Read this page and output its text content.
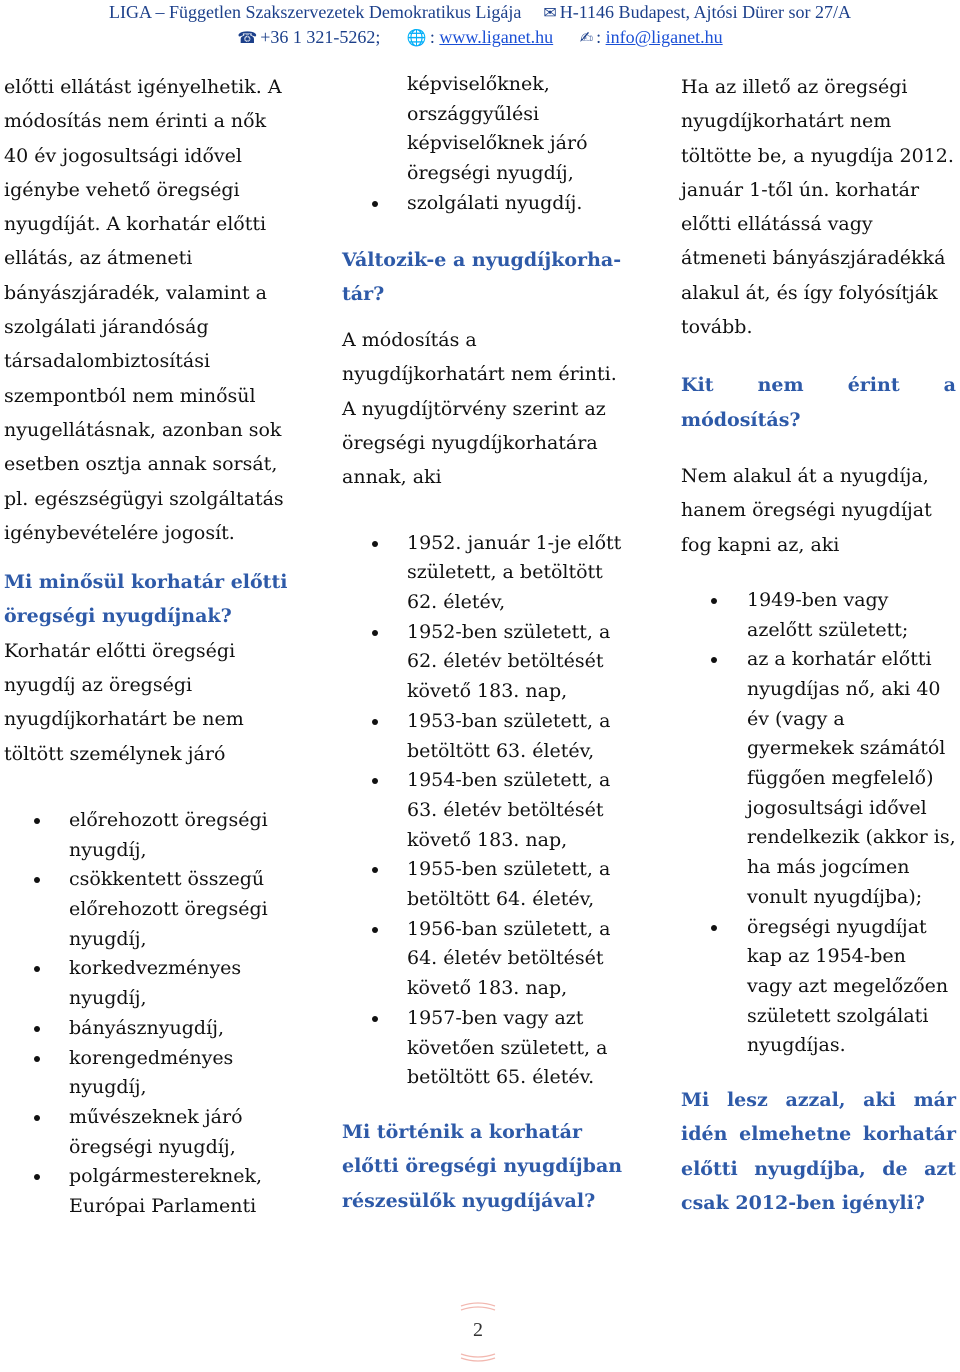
LIGA – Független Szakszervezetek Demokratikus Ligája ✉ H-1146 Budapest, Ajtósi Dürer sor 27/A
☎ +36 1 321-5262; 🌐 : www.liganet.hu ✍ : info@liganet.hu

előtti ellátást igényelhetik. A módosítás nem érinti a nők 40 év jogosultsági idővel igénybe vehető öregségi nyugdíját. A korhatár előtti ellátás, az átmeneti bányászjáradék, valamint a szolgálati járandóság társadalombiztosítási szempontból nem minősül nyugellátásnak, azonban sok esetben osztja annak sorsát, pl. egészségügyi szolgáltatás igénybevételére jogosít.

Mi minősül korhatár előtti öregségi nyugdíjnak?

Korhatár előtti öregségi nyugdíj az öregségi nyugdíjkorhatárt be nem töltött személynek járó

előrehozott öregségi nyugdíj,
csökkentett összegű előrehozott öregségi nyugdíj,
korkedvezményes nyugdíj,
bányásznyugdíj,
korengedményes nyugdíj,
művészeknek járó öregségi nyugdíj,
polgármestereknek, Európai Parlamenti
képviselőknek, országgyűlési képviselőknek járó öregségi nyugdíj,
szolgálati nyugdíj.
Változik-e a nyugdíjkorha-tár?

A módosítás a nyugdíjkorhatárt nem érinti. A nyugdíjtörvény szerint az öregségi nyugdíjkorhatára annak, aki

1952. január 1-je előtt született, a betöltött 62. életév,
1952-ben született, a 62. életév betöltését követő 183. nap,
1953-ban született, a betöltött 63. életév,
1954-ben született, a 63. életév betöltését követő 183. nap,
1955-ben született, a betöltött 64. életév,
1956-ban született, a 64. életév betöltését követő 183. nap,
1957-ben vagy azt követően született, a betöltött 65. életév.
Mi történik a korhatár előtti öregségi nyugdíjban részesülők nyugdíjával?

Ha az illető az öregségi nyugdíjkorhatárt nem töltötte be, a nyugdíja 2012. január 1-től ún. korhatár előtti ellátássá vagy átmeneti bányászjáradékká alakul át, és így folyósítják tovább.

Kit nem érint a módosítás?

Nem alakul át a nyugdíja, hanem öregségi nyugdíjat fog kapni az, aki

1949-ben vagy azelőtt született;
az a korhatár előtti nyugdíjas nő, aki 40 év (vagy a gyermekek számától függően megfelelő) jogosultsági idővel rendelkezik (akkor is, ha más jogcímen vonult nyugdíjba);
öregségi nyugdíjat kap az 1954-ben vagy azt megelőzően született szolgálati nyugdíjas.
Mi lesz azzal, aki már idén elmehetne korhatár előtti nyugdíjba, de azt csak 2012-ben igényli?
2
